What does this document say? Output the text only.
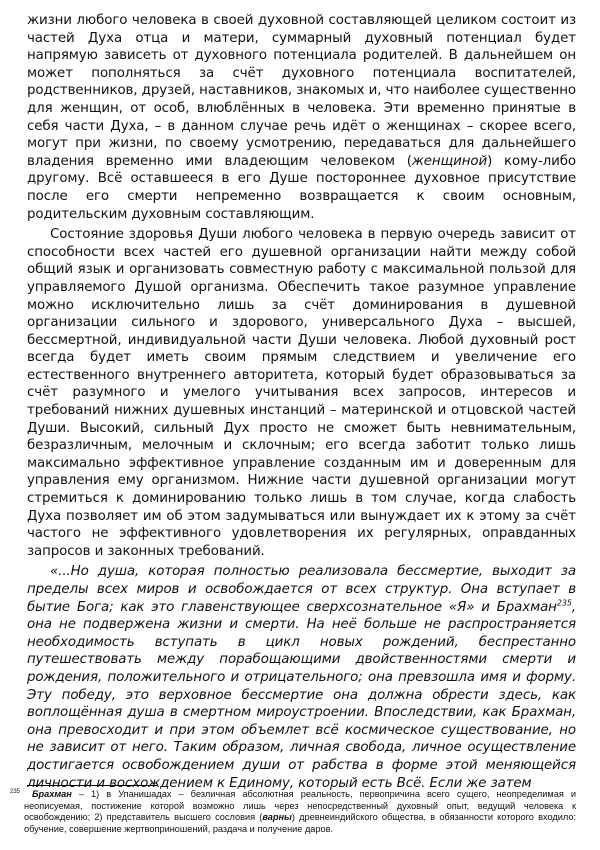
жизни любого человека в своей духовной составляющей целиком состоит из частей Духа отца и матери, суммарный духовный потенциал будет напрямую зависеть от духовного потенциала родителей. В дальнейшем он может пополняться за счёт духовного потенциала воспитателей, родственников, друзей, наставников, знакомых и, что наиболее существенно для женщин, от особ, влюблённых в человека. Эти временно принятые в себя части Духа, – в данном случае речь идёт о женщинах – скорее всего, могут при жизни, по своему усмотрению, передаваться для дальнейшего владения временно ими владеющим человеком (женщиной) кому-либо другому. Всё оставшееся в его Душе постороннее духовное присутствие после его смерти непременно возвращается к своим основным, родительским духовным составляющим.

Состояние здоровья Души любого человека в первую очередь зависит от способности всех частей его душевной организации найти между собой общий язык и организовать совместную работу с максимальной пользой для управляемого Душой организма. Обеспечить такое разумное управление можно исключительно лишь за счёт доминирования в душевной организации сильного и здорового, универсального Духа – высшей, бессмертной, индивидуальной части Души человека. Любой духовный рост всегда будет иметь своим прямым следствием и увеличение его естественного внутреннего авторитета, который будет образовываться за счёт разумного и умелого учитывания всех запросов, интересов и требований нижних душевных инстанций – материнской и отцовской частей Души. Высокий, сильный Дух просто не сможет быть невнимательным, безразличным, мелочным и склочным; его всегда заботит только лишь максимально эффективное управление созданным им и доверенным для управления ему организмом. Нижние части душевной организации могут стремиться к доминированию только лишь в том случае, когда слабость Духа позволяет им об этом задумываться или вынуждает их к этому за счёт частого не эффективного удовлетворения их регулярных, оправданных запросов и законных требований.

«...Но душа, которая полностью реализовала бессмертие, выходит за пределы всех миров и освобождается от всех структур. Она вступает в бытие Бога; как это главенствующее сверхсознательное «Я» и Брахман$^{235}$, она не подвержена жизни и смерти. На неё больше не распространяется необходимость вступать в цикл новых рождений, беспрестанно путешествовать между порабощающими двойственностями смерти и рождения, положительного и отрицательного; она превзошла имя и форму. Эту победу, это верховное бессмертие она должна обрести здесь, как воплощённая душа в смертном мироустроении. Впоследствии, как Брахман, она превосходит и при этом объемлет всё космическое существование, но не зависит от него. Таким образом, личная свобода, личное осуществление достигается освобождением души от рабства в форме этой меняющейся личности и восхождением к Единому, который есть Всё. Если же затем

235	Брахман – 1) в Упанишадах – безличная абсолютная реальность, первопричина всего сущего, неопределимая и неописуемая, постижение которой возможно лишь через непосредственный духовный опыт, ведущий человека к освобождению; 2) представитель высшего сословия (варны) древнеиндийского общества, в обязанности которого входило: обучение, совершение жертвоприношений, раздача и получение даров.
